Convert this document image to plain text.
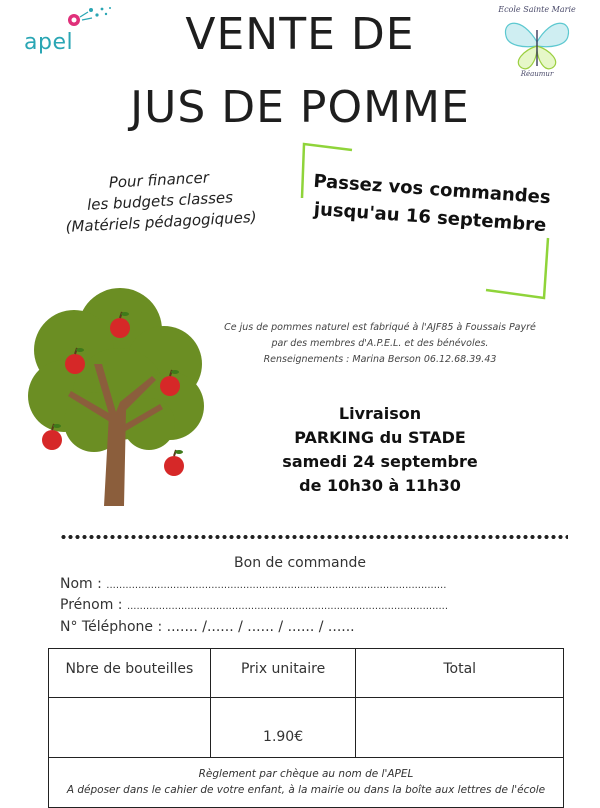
apel
Ecole Sainte Marie
Réaumur
VENTE DE
JUS DE POMME
Pour financer
les budgets classes
(Matériels pédagogiques)
Passez vos commandes
jusqu'au 16 septembre
Ce jus de pommes naturel est fabriqué à l'AJF85 à Foussais Payré
par des membres d'A.P.E.L. et des bénévoles.
Renseignements : Marina Berson 06.12.68.39.43
Livraison
PARKING du STADE
samedi 24 septembre
de 10h30 à 11h30
Bon de commande
Nom : ...........................................................................................................
Prénom : .....................................................................................................
N° Téléphone : ....... /...... / ...... / ...... / ......
Nbre de bouteilles	Prix unitaire	Total
	1.90€	

Règlement par chèque au nom de l'APEL
A déposer dans le cahier de votre enfant, à la mairie ou dans la boîte aux lettres de l'école		
